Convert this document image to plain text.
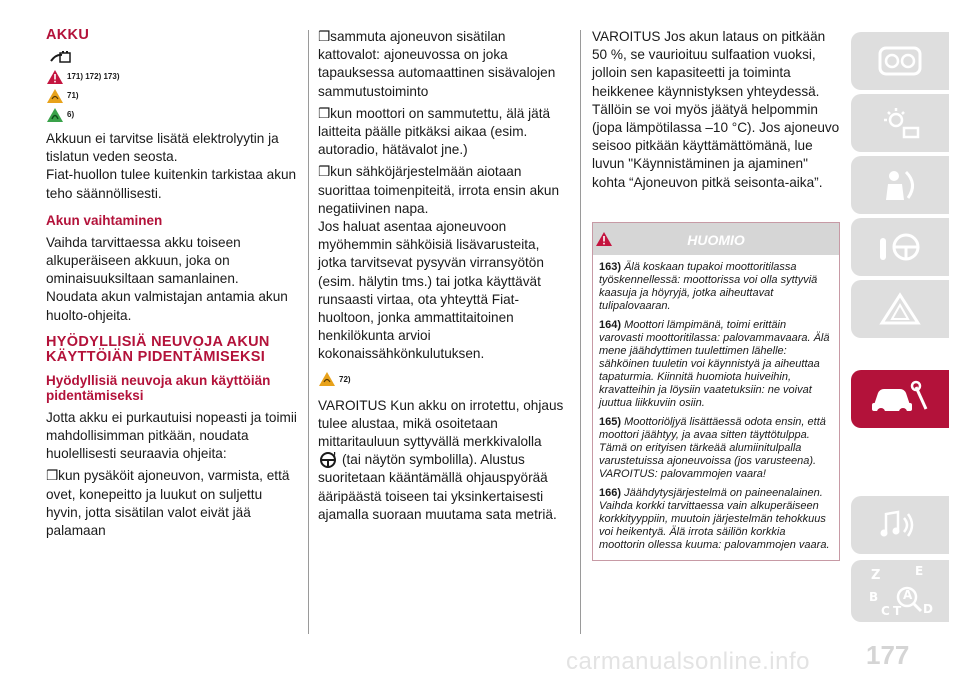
AKKU

171) 172) 173)
71)
6)

Akkuun ei tarvitse lisätä elektrolyytin ja tislatun veden seosta.

Fiat-huollon tulee kuitenkin tarkistaa akun teho säännöllisesti.

Akun vaihtaminen

Vaihda tarvittaessa akku toiseen alkuperäiseen akkuun, joka on ominaisuuksiltaan samanlainen.

Noudata akun valmistajan antamia akun huolto-ohjeita.

HYÖDYLLISIÄ NEUVOJA AKUN KÄYTTÖIÄN PIDENTÄMISEKSI

Hyödyllisiä neuvoja akun käyttöiän pidentämiseksi

Jotta akku ei purkautuisi nopeasti ja toimii mahdollisimman pitkään, noudata huolellisesti seuraavia ohjeita:

❒kun pysäköit ajoneuvon, varmista, että ovet, konepeitto ja luukut on suljettu hyvin, jotta sisätilan valot eivät jää palamaan

❒sammuta ajoneuvon sisätilan kattovalot: ajoneuvossa on joka tapauksessa automaattinen sisävalojen sammutustoiminto

❒kun moottori on sammutettu, älä jätä laitteita päälle pitkäksi aikaa (esim. autoradio, hätävalot jne.)

❒kun sähköjärjestelmään aiotaan suorittaa toimenpiteitä, irrota ensin akun negatiivinen napa.

Jos haluat asentaa ajoneuvoon myöhemmin sähköisiä lisävarusteita, jotka tarvitsevat pysyvän virransyötön (esim. hälytin tms.) tai jotka käyttävät runsaasti virtaa, ota yhteyttä Fiat-huoltoon, jonka ammattitaitoinen henkilökunta arvioi kokonaissähkönkulutuksen.

72)

VAROITUS Kun akku on irrotettu, ohjaus tulee alustaa, mikä osoitetaan mittaritauluun syttyvällä merkkivalolla

! (tai näytön symbolilla). Alustus suoritetaan kääntämällä ohjauspyörää ääripäästä toiseen tai yksinkertaisesti ajamalla suoraan muutama sata metriä.

VAROITUS Jos akun lataus on pitkään 50 %, se vaurioituu sulfaation vuoksi, jolloin sen kapasiteetti ja toiminta heikkenee käynnistyksen yhteydessä. Tällöin se voi myös jäätyä helpommin (jopa lämpötilassa –10 °C). Jos ajoneuvo seisoo pitkään käyttämättömänä, lue luvun "Käynnistäminen ja ajaminen" kohta “Ajoneuvon pitkä seisonta-aika”.

HUOMIO

163) Älä koskaan tupakoi moottoritilassa työskennellessä: moottorissa voi olla syttyviä kaasuja ja höyryjä, jotka aiheuttavat tulipalovaaran.

164) Moottori lämpimänä, toimi erittäin varovasti moottoritilassa: palovammavaara. Älä mene jäähdyttimen tuulettimen lähelle: sähköinen tuuletin voi käynnistyä ja aiheuttaa tapaturmia. Kiinnitä huomiota huiveihin, kravatteihin ja löysiin vaatetuksiin: ne voivat juuttua liikkuviin osiin.

165) Moottoriöljyä lisättäessä odota ensin, että moottori jäähtyy, ja avaa sitten täyttötulppa. Tämä on erityisen tärkeää alumiinitulpalla varustetuissa ajoneuvoissa (jos varusteena). VAROITUS: palovammojen vaara!

166) Jäähdytysjärjestelmä on paineenalainen. Vaihda korkki tarvittaessa vain alkuperäiseen korkkityyppiin, muutoin järjestelmän tehokkuus voi heikentyä. Älä irrota säiliön korkkia moottorin ollessa kuuma: palovammojen vaara.

Z	E
B A
C T D
177
carmanualsonline.info
